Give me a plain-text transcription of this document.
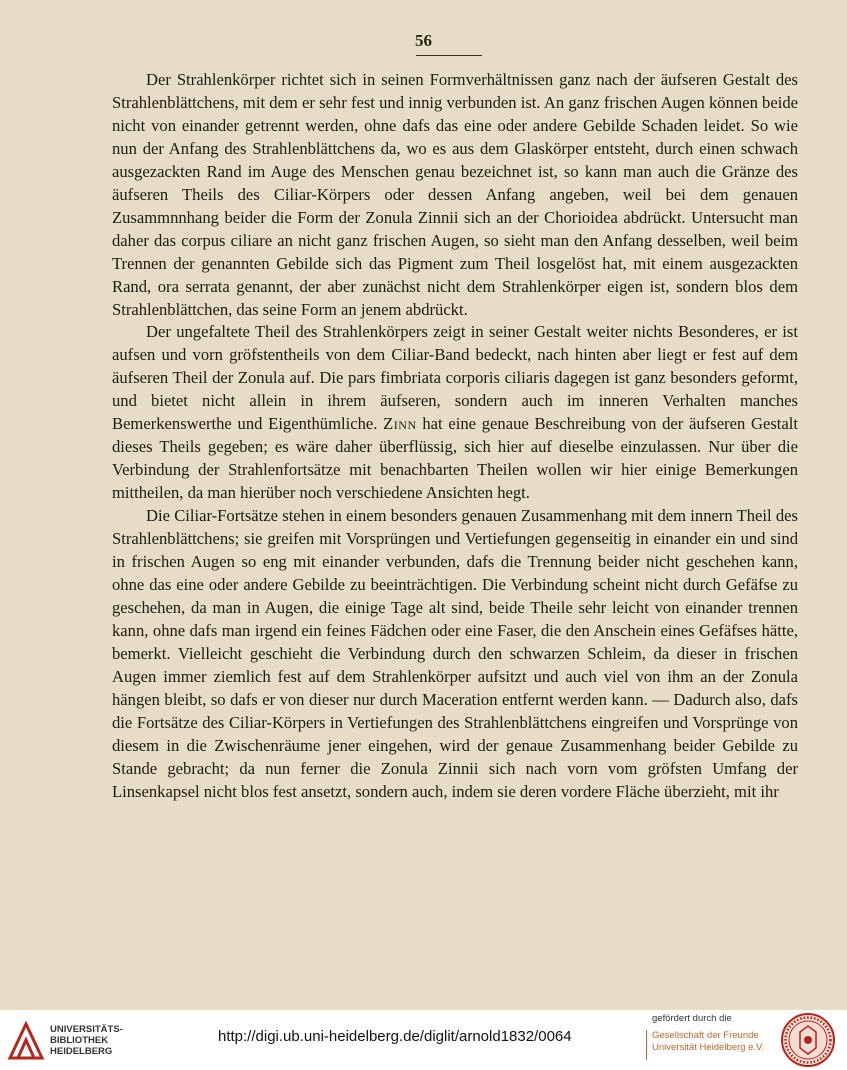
56

Der Strahlenkörper richtet sich in seinen Formverhältnissen ganz nach der äufseren Gestalt des Strahlenblättchens, mit dem er sehr fest und innig verbunden ist. An ganz frischen Augen können beide nicht von einander getrennt werden, ohne dafs das eine oder andere Gebilde Schaden leidet. So wie nun der Anfang des Strahlenblättchens da, wo es aus dem Glaskörper entsteht, durch einen schwach ausgezackten Rand im Auge des Menschen genau bezeichnet ist, so kann man auch die Gränze des äufseren Theils des Ciliar-Körpers oder dessen Anfang angeben, weil bei dem genauen Zusammnnhang beider die Form der Zonula Zinnii sich an der Chorioidea abdrückt. Untersucht man daher das corpus ciliare an nicht ganz frischen Augen, so sieht man den Anfang desselben, weil beim Trennen der genannten Gebilde sich das Pigment zum Theil losgelöst hat, mit einem ausgezackten Rand, ora serrata genannt, der aber zunächst nicht dem Strahlenkörper eigen ist, sondern blos dem Strahlenblättchen, das seine Form an jenem abdrückt.

Der ungefaltete Theil des Strahlenkörpers zeigt in seiner Gestalt weiter nichts Besonderes, er ist aufsen und vorn gröfstentheils von dem Ciliar-Band bedeckt, nach hinten aber liegt er fest auf dem äufseren Theil der Zonula auf. Die pars fimbriata corporis ciliaris dagegen ist ganz besonders geformt, und bietet nicht allein in ihrem äufseren, sondern auch im inneren Verhalten manches Bemerkenswerthe und Eigenthümliche. Zinn hat eine genaue Beschreibung von der äufseren Gestalt dieses Theils gegeben; es wäre daher überflüssig, sich hier auf dieselbe einzulassen. Nur über die Verbindung der Strahlenfortsätze mit benachbarten Theilen wollen wir hier einige Bemerkungen mittheilen, da man hierüber noch verschiedene Ansichten hegt.

Die Ciliar-Fortsätze stehen in einem besonders genauen Zusammenhang mit dem innern Theil des Strahlenblättchens; sie greifen mit Vorsprüngen und Vertiefungen gegenseitig in einander ein und sind in frischen Augen so eng mit einander verbunden, dafs die Trennung beider nicht geschehen kann, ohne das eine oder andere Gebilde zu beeinträchtigen. Die Verbindung scheint nicht durch Gefäfse zu geschehen, da man in Augen, die einige Tage alt sind, beide Theile sehr leicht von einander trennen kann, ohne dafs man irgend ein feines Fädchen oder eine Faser, die den Anschein eines Gefäfses hätte, bemerkt. Vielleicht geschieht die Verbindung durch den schwarzen Schleim, da dieser in frischen Augen immer ziemlich fest auf dem Strahlenkörper aufsitzt und auch viel von ihm an der Zonula hängen bleibt, so dafs er von dieser nur durch Maceration entfernt werden kann. — Dadurch also, dafs die Fortsätze des Ciliar-Körpers in Vertiefungen des Strahlenblättchens eingreifen und Vorsprünge von diesem in die Zwischenräume jener eingehen, wird der genaue Zusammenhang beider Gebilde zu Stande gebracht; da nun ferner die Zonula Zinnii sich nach vorn vom gröfsten Umfang der Linsenkapsel nicht blos fest ansetzt, sondern auch, indem sie deren vordere Fläche überzieht, mit ihr

UNIVERSITÄTS-
BIBLIOTHEK
HEIDELBERG
http://digi.ub.uni-heidelberg.de/diglit/arnold1832/0064
gefördert durch die
Gesellschaft der Freunde
Universität Heidelberg e.V.
